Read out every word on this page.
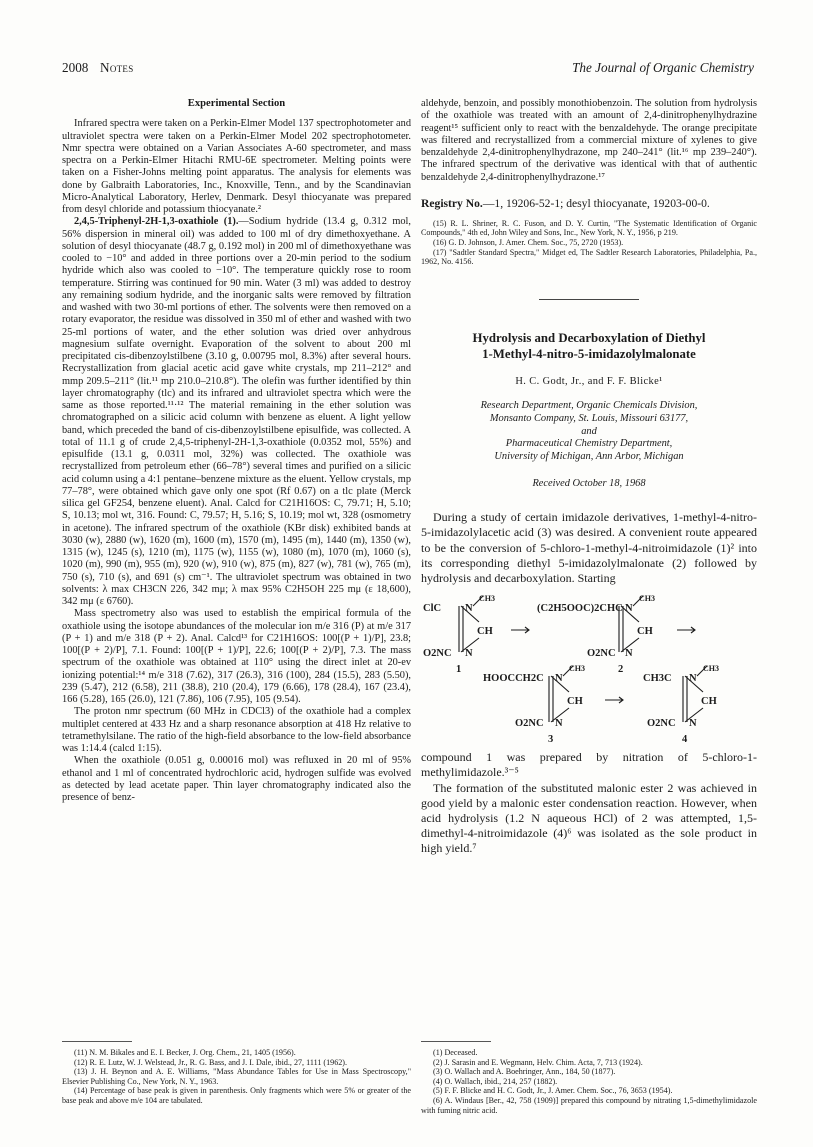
2008 Notes	The Journal of Organic Chemistry
Experimental Section

Infrared spectra were taken on a Perkin-Elmer Model 137 spectrophotometer and ultraviolet spectra were taken on a Perkin-Elmer Model 202 spectrophotometer. Nmr spectra were obtained on a Varian Associates A-60 spectrometer, and mass spectra on a Perkin-Elmer Hitachi RMU-6E spectrometer. Melting points were taken on a Fisher-Johns melting point apparatus. The analysis for elements was done by Galbraith Laboratories, Inc., Knoxville, Tenn., and by the Scandinavian Micro-Analytical Laboratory, Herlev, Denmark. Desyl thiocyanate was prepared from desyl chloride and potassium thiocyanate.²

2,4,5-Triphenyl-2H-1,3-oxathiole (1).—Sodium hydride (13.4 g, 0.312 mol, 56% dispersion in mineral oil) was added to 100 ml of dry dimethoxyethane. A solution of desyl thiocyanate (48.7 g, 0.192 mol) in 200 ml of dimethoxyethane was cooled to −10° and added in three portions over a 20-min period to the sodium hydride which also was cooled to −10°. The temperature quickly rose to room temperature. Stirring was continued for 90 min. Water (3 ml) was added to destroy any remaining sodium hydride, and the inorganic salts were removed by filtration and washed with two 30-ml portions of ether. The solvents were then removed on a rotary evaporator, the residue was dissolved in 350 ml of ether and washed with two 25-ml portions of water, and the ether solution was dried over anhydrous magnesium sulfate overnight. Evaporation of the solvent to about 200 ml precipitated cis-dibenzoylstilbene (3.10 g, 0.00795 mol, 8.3%) after several hours. Recrystallization from glacial acetic acid gave white crystals, mp 211–212° and mmp 209.5–211° (lit.¹¹ mp 210.0–210.8°). The olefin was further identified by thin layer chromatography (tlc) and its infrared and ultraviolet spectra which were the same as those reported.¹¹·¹² The material remaining in the ether solution was chromatographed on a silicic acid column with benzene as eluent. A light yellow band, which preceded the band of cis-dibenzoylstilbene episulfide, was collected. A total of 11.1 g of crude 2,4,5-triphenyl-2H-1,3-oxathiole (0.0352 mol, 55%) and episulfide (13.1 g, 0.0311 mol, 32%) was collected. The oxathiole was recrystallized from petroleum ether (66–78°) several times and purified on a silicic acid column using a 4:1 pentane–benzene mixture as the eluent. Yellow crystals, mp 77–78°, were obtained which gave only one spot (Rf 0.67) on a tlc plate (Merck silica gel GF254, benzene eluent). Anal. Calcd for C21H16OS: C, 79.71; H, 5.10; S, 10.13; mol wt, 316. Found: C, 79.57; H, 5.16; S, 10.19; mol wt, 328 (osmometry in acetone). The infrared spectrum of the oxathiole (KBr disk) exhibited bands at 3030 (w), 2880 (w), 1620 (m), 1600 (m), 1570 (m), 1495 (m), 1440 (m), 1350 (w), 1315 (w), 1245 (s), 1210 (m), 1175 (w), 1155 (w), 1080 (m), 1070 (m), 1060 (s), 1020 (m), 990 (m), 955 (m), 920 (w), 910 (w), 875 (m), 827 (w), 781 (w), 765 (m), 750 (s), 710 (s), and 691 (s) cm⁻¹. The ultraviolet spectrum was obtained in two solvents: λ max CH3CN 226, 342 mμ; λ max 95% C2H5OH 225 mμ (ε 18,600), 342 mμ (ε 6760).

Mass spectrometry also was used to establish the empirical formula of the oxathiole using the isotope abundances of the molecular ion m/e 316 (P) at m/e 317 (P + 1) and m/e 318 (P + 2). Anal. Calcd¹³ for C21H16OS: 100[(P + 1)/P], 23.8; 100[(P + 2)/P], 7.1. Found: 100[(P + 1)/P], 22.6; 100[(P + 2)/P], 7.3. The mass spectrum of the oxathiole was obtained at 110° using the direct inlet at 20-ev ionizing potential:¹⁴ m/e 318 (7.62), 317 (26.3), 316 (100), 284 (15.5), 283 (5.50), 239 (5.47), 212 (6.58), 211 (38.8), 210 (20.4), 179 (6.66), 178 (28.4), 167 (23.4), 166 (5.28), 165 (26.0), 121 (7.86), 106 (7.95), 105 (9.54).

The proton nmr spectrum (60 MHz in CDCl3) of the oxathiole had a complex multiplet centered at 433 Hz and a sharp resonance absorption at 418 Hz relative to tetramethylsilane. The ratio of the high-field absorbance to the low-field absorbance was 1:14.4 (calcd 1:15).

When the oxathiole (0.051 g, 0.00016 mol) was refluxed in 20 ml of 95% ethanol and 1 ml of concentrated hydrochloric acid, hydrogen sulfide was evolved as detected by lead acetate paper. Thin layer chromatography indicated also the presence of benz-

(11) N. M. Bikales and E. I. Becker, J. Org. Chem., 21, 1405 (1956).
(12) R. E. Lutz, W. J. Welstead, Jr., R. G. Bass, and J. I. Dale, ibid., 27, 1111 (1962).
(13) J. H. Beynon and A. E. Williams, "Mass Abundance Tables for Use in Mass Spectroscopy," Elsevier Publishing Co., New York, N. Y., 1963.
(14) Percentage of base peak is given in parenthesis. Only fragments which were 5% or greater of the base peak and above m/e 104 are tabulated.

aldehyde, benzoin, and possibly monothiobenzoin. The solution from hydrolysis of the oxathiole was treated with an amount of 2,4-dinitrophenylhydrazine reagent¹⁵ sufficient only to react with the benzaldehyde. The orange precipitate was filtered and recrystallized from a commercial mixture of xylenes to give benzaldehyde 2,4-dinitrophenylhydrazone, mp 240–241° (lit.¹⁶ mp 239–240°). The infrared spectrum of the derivative was identical with that of authentic benzaldehyde 2,4-dinitrophenylhydrazone.¹⁷

Registry No.—1, 19206-52-1; desyl thiocyanate, 19203-00-0.
(15) R. L. Shriner, R. C. Fuson, and D. Y. Curtin, "The Systematic Identification of Organic Compounds," 4th ed, John Wiley and Sons, Inc., New York, N. Y., 1956, p 219.
(16) G. D. Johnson, J. Amer. Chem. Soc., 75, 2720 (1953).
(17) "Sadtler Standard Spectra," Midget ed, The Sadtler Research Laboratories, Philadelphia, Pa., 1962, No. 4156.
Hydrolysis and Decarboxylation of Diethyl
1-Methyl-4-nitro-5-imidazolylmalonate
H. C. Godt, Jr., and F. F. Blicke¹
Research Department, Organic Chemicals Division,
Monsanto Company, St. Louis, Missouri 63177,
and
Pharmaceutical Chemistry Department,
University of Michigan, Ann Arbor, Michigan
Received October 18, 1968

During a study of certain imidazole derivatives, 1-methyl-4-nitro-5-imidazolylacetic acid (3) was desired. A convenient route appeared to be the conversion of 5-chloro-1-methyl-4-nitroimidazole (1)² into its corresponding diethyl 5-imidazolylmalonate (2) followed by hydrolysis and decarboxylation. Starting

ClC N
CH3
CH
O2NC N
1
(C2H5OOC)2CHC N
CH3
CH
O2NC N
2
HOOCCH2C N
CH3
CH
O2NC N
3
CH3C N
CH3
CH
O2NC N
4

compound 1 was prepared by nitration of 5-chloro-1-methylimidazole.³⁻⁵

The formation of the substituted malonic ester 2 was achieved in good yield by a malonic ester condensation reaction. However, when acid hydrolysis (1.2 N aqueous HCl) of 2 was attempted, 1,5-dimethyl-4-nitroimidazole (4)⁶ was isolated as the sole product in high yield.⁷

(1) Deceased.
(2) J. Sarasin and E. Wegmann, Helv. Chim. Acta, 7, 713 (1924).
(3) O. Wallach and A. Boehringer, Ann., 184, 50 (1877).
(4) O. Wallach, ibid., 214, 257 (1882).
(5) F. F. Blicke and H. C. Godt, Jr., J. Amer. Chem. Soc., 76, 3653 (1954).
(6) A. Windaus [Ber., 42, 758 (1909)] prepared this compound by nitrating 1,5-dimethylimidazole with fuming nitric acid.
